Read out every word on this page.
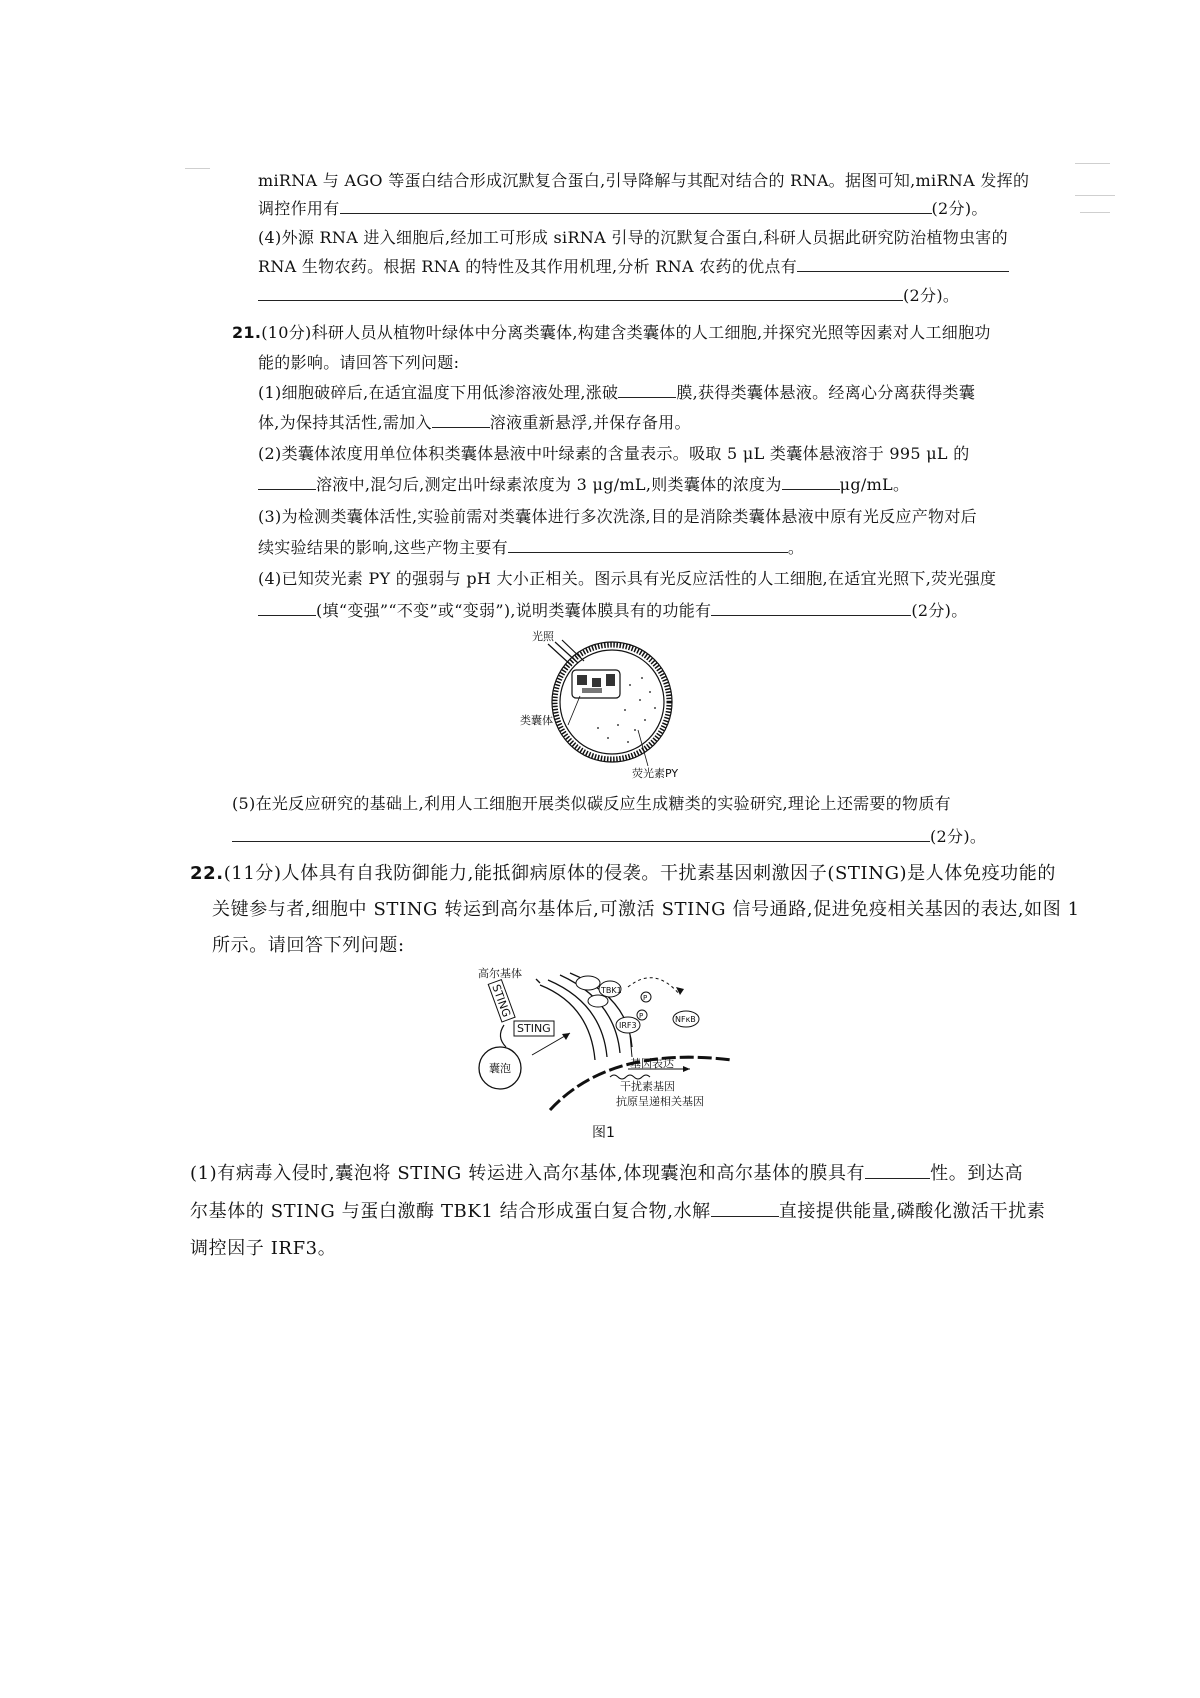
miRNA 与 AGO 等蛋白结合形成沉默复合蛋白,引导降解与其配对结合的 RNA。据图可知,miRNA 发挥的
调控作用有	(2分)。
(4)外源 RNA 进入细胞后,经加工可形成 siRNA 引导的沉默复合蛋白,科研人员据此研究防治植物虫害的
RNA 生物农药。根据 RNA 的特性及其作用机理,分析 RNA 农药的优点有
(2分)。
21.(10分)科研人员从植物叶绿体中分离类囊体,构建含类囊体的人工细胞,并探究光照等因素对人工细胞功
能的影响。请回答下列问题:
(1)细胞破碎后,在适宜温度下用低渗溶液处理,涨破	膜,获得类囊体悬液。经离心分离获得类囊
体,为保持其活性,需加入	溶液重新悬浮,并保存备用。
(2)类囊体浓度用单位体积类囊体悬液中叶绿素的含量表示。吸取 5 μL 类囊体悬液溶于 995 μL 的
溶液中,混匀后,测定出叶绿素浓度为 3 μg/mL,则类囊体的浓度为	μg/mL。
(3)为检测类囊体活性,实验前需对类囊体进行多次洗涤,目的是消除类囊体悬液中原有光反应产物对后
续实验结果的影响,这些产物主要有	。
(4)已知荧光素 PY 的强弱与 pH 大小正相关。图示具有光反应活性的人工细胞,在适宜光照下,荧光强度
(填“变强”“不变”或“变弱”),说明类囊体膜具有的功能有	(2分)。
光照
类囊体
荧光素PY
(5)在光反应研究的基础上,利用人工细胞开展类似碳反应生成糖类的实验研究,理论上还需要的物质有
(2分)。
22.(11分)人体具有自我防御能力,能抵御病原体的侵袭。干扰素基因刺激因子(STING)是人体免疫功能的
关键参与者,细胞中 STING 转运到高尔基体后,可激活 STING 信号通路,促进免疫相关基因的表达,如图 1
所示。请回答下列问题:
高尔基体
STING
STING
囊泡
TBK1
IRF3
P
P
NFκB
基因表达
干扰素基因
抗原呈递相关基因
图1
(1)有病毒入侵时,囊泡将 STING 转运进入高尔基体,体现囊泡和高尔基体的膜具有	性。到达高
尔基体的 STING 与蛋白激酶 TBK1 结合形成蛋白复合物,水解	直接提供能量,磷酸化激活干扰素
调控因子 IRF3。
